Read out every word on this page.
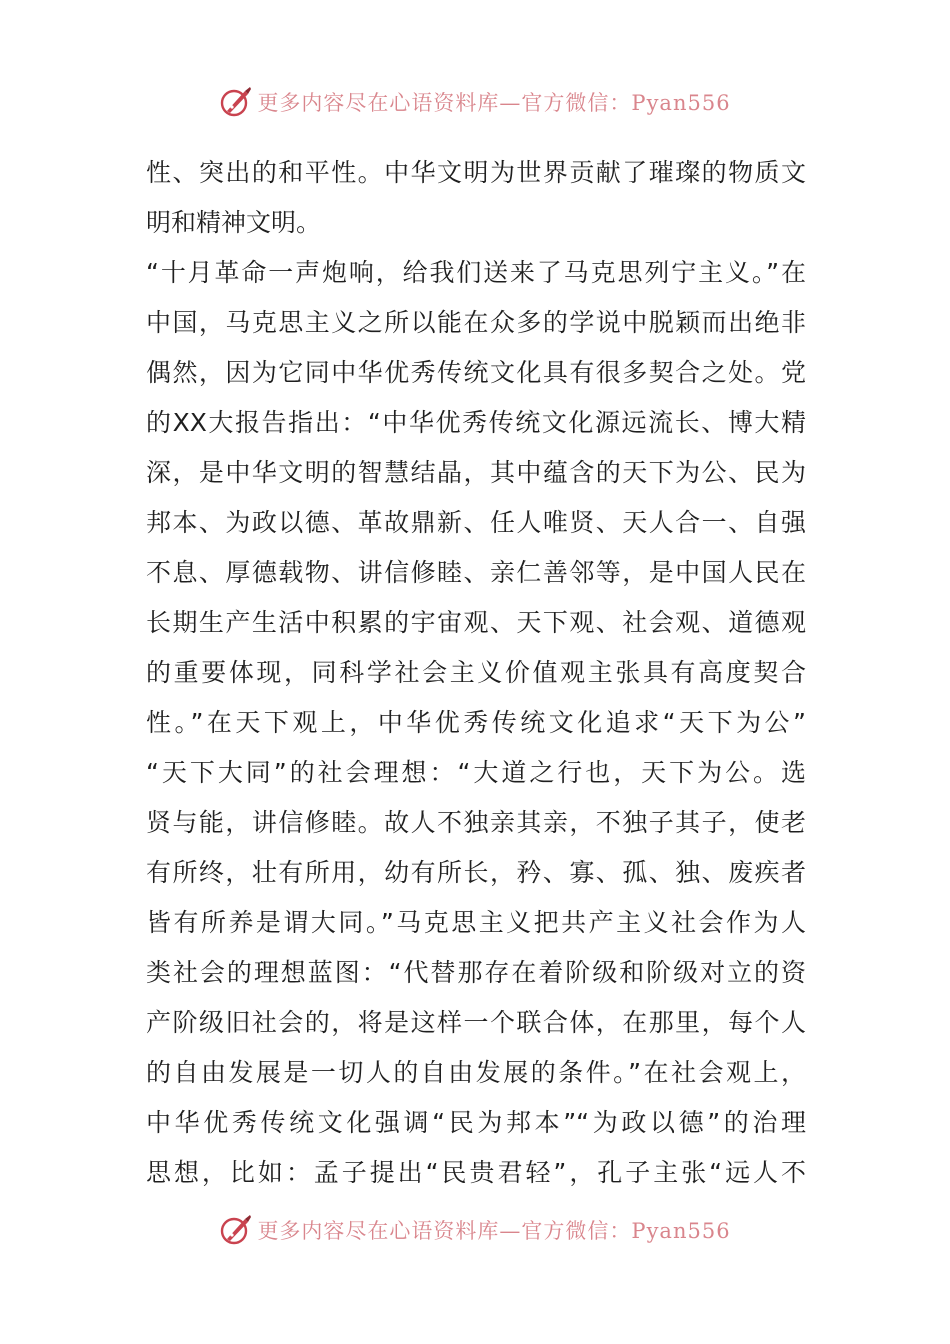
更多内容尽在心语资料库—官方微信：Pyan556
性、突出的和平性。中华文明为世界贡献了璀璨的物质文
明和精神文明。
“十月革命一声炮响，给我们送来了马克思列宁主义。”在
中国，马克思主义之所以能在众多的学说中脱颖而出绝非
偶然，因为它同中华优秀传统文化具有很多契合之处。党
的XX大报告指出：“中华优秀传统文化源远流长、博大精
深，是中华文明的智慧结晶，其中蕴含的天下为公、民为
邦本、为政以德、革故鼎新、任人唯贤、天人合一、自强
不息、厚德载物、讲信修睦、亲仁善邻等，是中国人民在
长期生产生活中积累的宇宙观、天下观、社会观、道德观
的重要体现，同科学社会主义价值观主张具有高度契合
性。”在天下观上，中华优秀传统文化追求“天下为公”
“天下大同”的社会理想：“大道之行也，天下为公。选
贤与能，讲信修睦。故人不独亲其亲，不独子其子，使老
有所终，壮有所用，幼有所长，矜、寡、孤、独、废疾者
皆有所养是谓大同。”马克思主义把共产主义社会作为人
类社会的理想蓝图：“代替那存在着阶级和阶级对立的资
产阶级旧社会的，将是这样一个联合体，在那里，每个人
的自由发展是一切人的自由发展的条件。”在社会观上，
中华优秀传统文化强调“民为邦本”“为政以德”的治理
思想，比如：孟子提出“民贵君轻”，孔子主张“远人不
更多内容尽在心语资料库—官方微信：Pyan556
